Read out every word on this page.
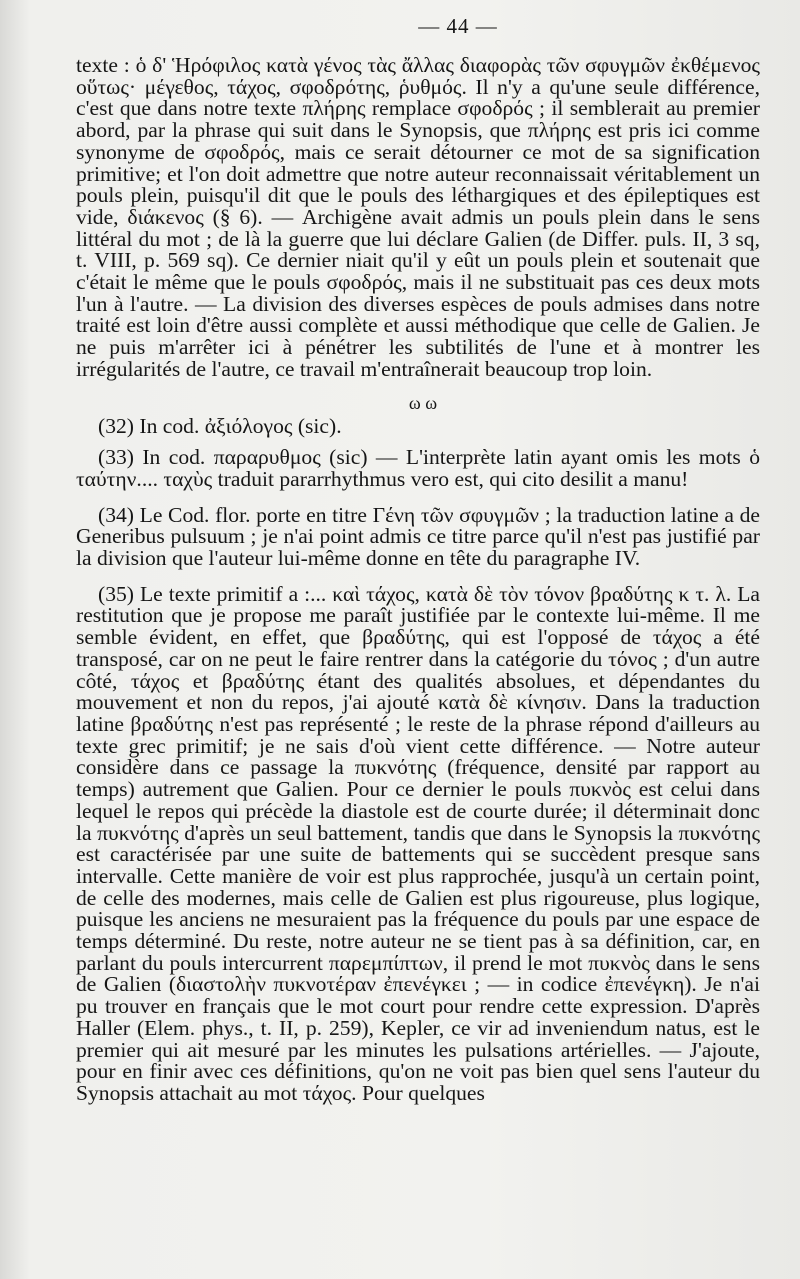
— 44 —

texte : ὁ δ' Ἡρόφιλος κατὰ γένος τὰς ἄλλας διαφορὰς τῶν σφυγμῶν ἐκθέμενος οὕτως· μέγεθος, τάχος, σφοδρότης, ῥυθμός. Il n'y a qu'une seule différence, c'est que dans notre texte πλήρης remplace σφοδρός ; il semblerait au premier abord, par la phrase qui suit dans le Synopsis, que πλήρης est pris ici comme synonyme de σφοδρός, mais ce serait détourner ce mot de sa signification primitive; et l'on doit admettre que notre auteur reconnaissait véritablement un pouls plein, puisqu'il dit que le pouls des léthargiques et des épileptiques est vide, διάκενος (§ 6). — Archigène avait admis un pouls plein dans le sens littéral du mot ; de là la guerre que lui déclare Galien (de Differ. puls. II, 3 sq, t. VIII, p. 569 sq). Ce dernier niait qu'il y eût un pouls plein et soutenait que c'était le même que le pouls σφοδρός, mais il ne substituait pas ces deux mots l'un à l'autre. — La division des diverses espèces de pouls admises dans notre traité est loin d'être aussi complète et aussi méthodique que celle de Galien. Je ne puis m'arrêter ici à pénétrer les subtilités de l'une et à montrer les irrégularités de l'autre, ce travail m'entraînerait beaucoup trop loin.

ω ω

(32) In cod. ἀξιόλογος (sic).

(33) In cod. παραρυθμος (sic) — L'interprète latin ayant omis les mots ὁ ταύτην.... ταχὺς traduit pararrhythmus vero est, qui cito desilit a manu!

(34) Le Cod. flor. porte en titre Γένη τῶν σφυγμῶν ; la traduction latine a de Generibus pulsuum ; je n'ai point admis ce titre parce qu'il n'est pas justifié par la division que l'auteur lui-même donne en tête du paragraphe IV.

(35) Le texte primitif a :... καὶ τάχος, κατὰ δὲ τὸν τόνον βραδύτης κ τ. λ. La restitution que je propose me paraît justifiée par le contexte lui-même. Il me semble évident, en effet, que βραδύτης, qui est l'opposé de τάχος a été transposé, car on ne peut le faire rentrer dans la catégorie du τόνος ; d'un autre côté, τάχος et βραδύτης étant des qualités absolues, et dépendantes du mouvement et non du repos, j'ai ajouté κατὰ δὲ κίνησιν. Dans la traduction latine βραδύτης n'est pas représenté ; le reste de la phrase répond d'ailleurs au texte grec primitif; je ne sais d'où vient cette différence. — Notre auteur considère dans ce passage la πυκνότης (fréquence, densité par rapport au temps) autrement que Galien. Pour ce dernier le pouls πυκνὸς est celui dans lequel le repos qui précède la diastole est de courte durée; il déterminait donc la πυκνότης d'après un seul battement, tandis que dans le Synopsis la πυκνότης est caractérisée par une suite de battements qui se succèdent presque sans intervalle. Cette manière de voir est plus rapprochée, jusqu'à un certain point, de celle des modernes, mais celle de Galien est plus rigoureuse, plus logique, puisque les anciens ne mesuraient pas la fréquence du pouls par une espace de temps déterminé. Du reste, notre auteur ne se tient pas à sa définition, car, en parlant du pouls intercurrent παρεμπίπτων, il prend le mot πυκνὸς dans le sens de Galien (διαστολὴν πυκνοτέραν ἐπενέγκει ; — in codice ἐπενέγκη). Je n'ai pu trouver en français que le mot court pour rendre cette expression. D'après Haller (Elem. phys., t. II, p. 259), Kepler, ce vir ad inveniendum natus, est le premier qui ait mesuré par les minutes les pulsations artérielles. — J'ajoute, pour en finir avec ces définitions, qu'on ne voit pas bien quel sens l'auteur du Synopsis attachait au mot τάχος. Pour quelques
